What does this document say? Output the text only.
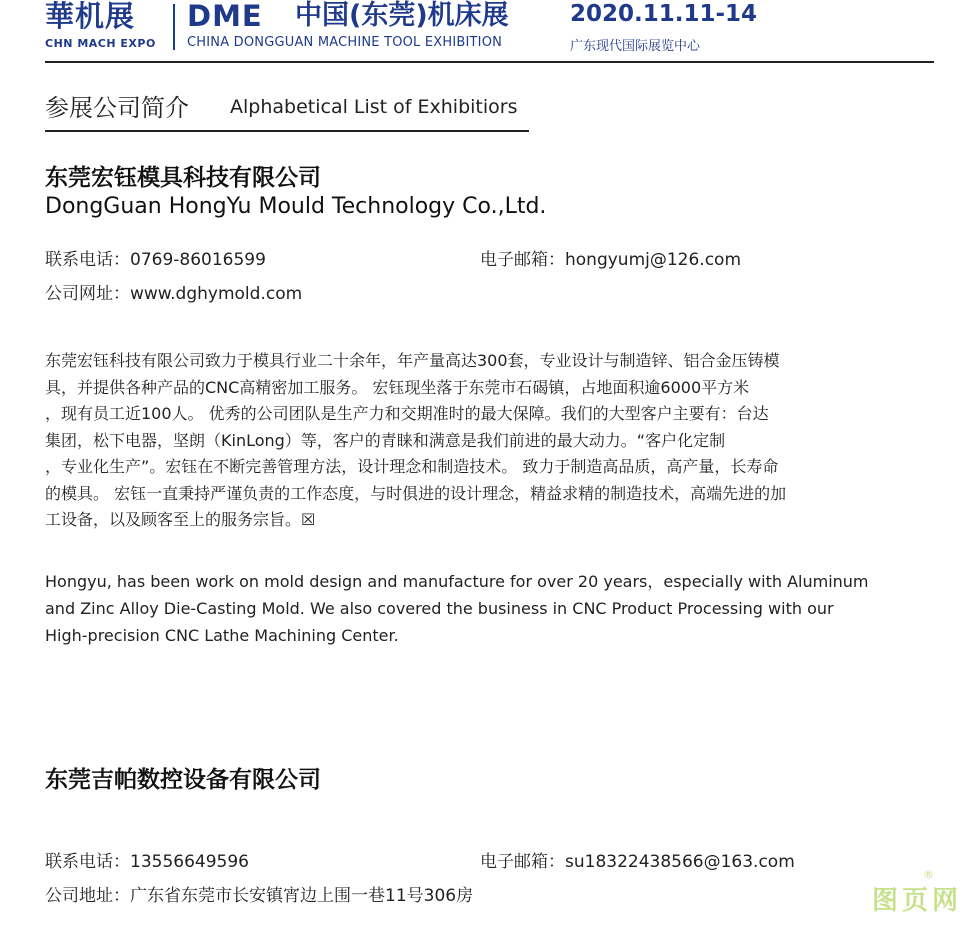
華机展
CHN MACH EXPO
DME 中国(东莞)机床展
CHINA DONGGUAN MACHINE TOOL EXHIBITION
2020.11.11-14
广东现代国际展览中心
参展公司简介 Alphabetical List of Exhibitiors
东莞宏钰模具科技有限公司
DongGuan HongYu Mould Technology Co.,Ltd.
联系电话：0769-86016599	电子邮箱：hongyumj@126.com
公司网址：www.dghymold.com
东莞宏钰科技有限公司致力于模具行业二十余年，年产量高达300套，专业设计与制造锌、铝合金压铸模
具，并提供各种产品的CNC高精密加工服务。 宏钰现坐落于东莞市石碣镇，占地面积逾6000平方米
，现有员工近100人。 优秀的公司团队是生产力和交期准时的最大保障。我们的大型客户主要有：台达
集团，松下电器，坚朗（KinLong）等，客户的青睐和满意是我们前进的最大动力。“客户化定制
，专业化生产”。宏钰在不断完善管理方法，设计理念和制造技术。 致力于制造高品质，高产量，长寿命
的模具。 宏钰一直秉持严谨负责的工作态度，与时俱进的设计理念，精益求精的制造技术，高端先进的加
工设备，以及顾客至上的服务宗旨。☒
Hongyu, has been work on mold design and manufacture for over 20 years，especially with Aluminum
and Zinc Alloy Die-Casting Mold. We also covered the business in CNC Product Processing with our
High-precision CNC Lathe Machining Center.
东莞吉帕数控设备有限公司
联系电话：13556649596	电子邮箱：su18322438566@163.com
公司地址：广东省东莞市长安镇宵边上围一巷11号306房
®
图页网
